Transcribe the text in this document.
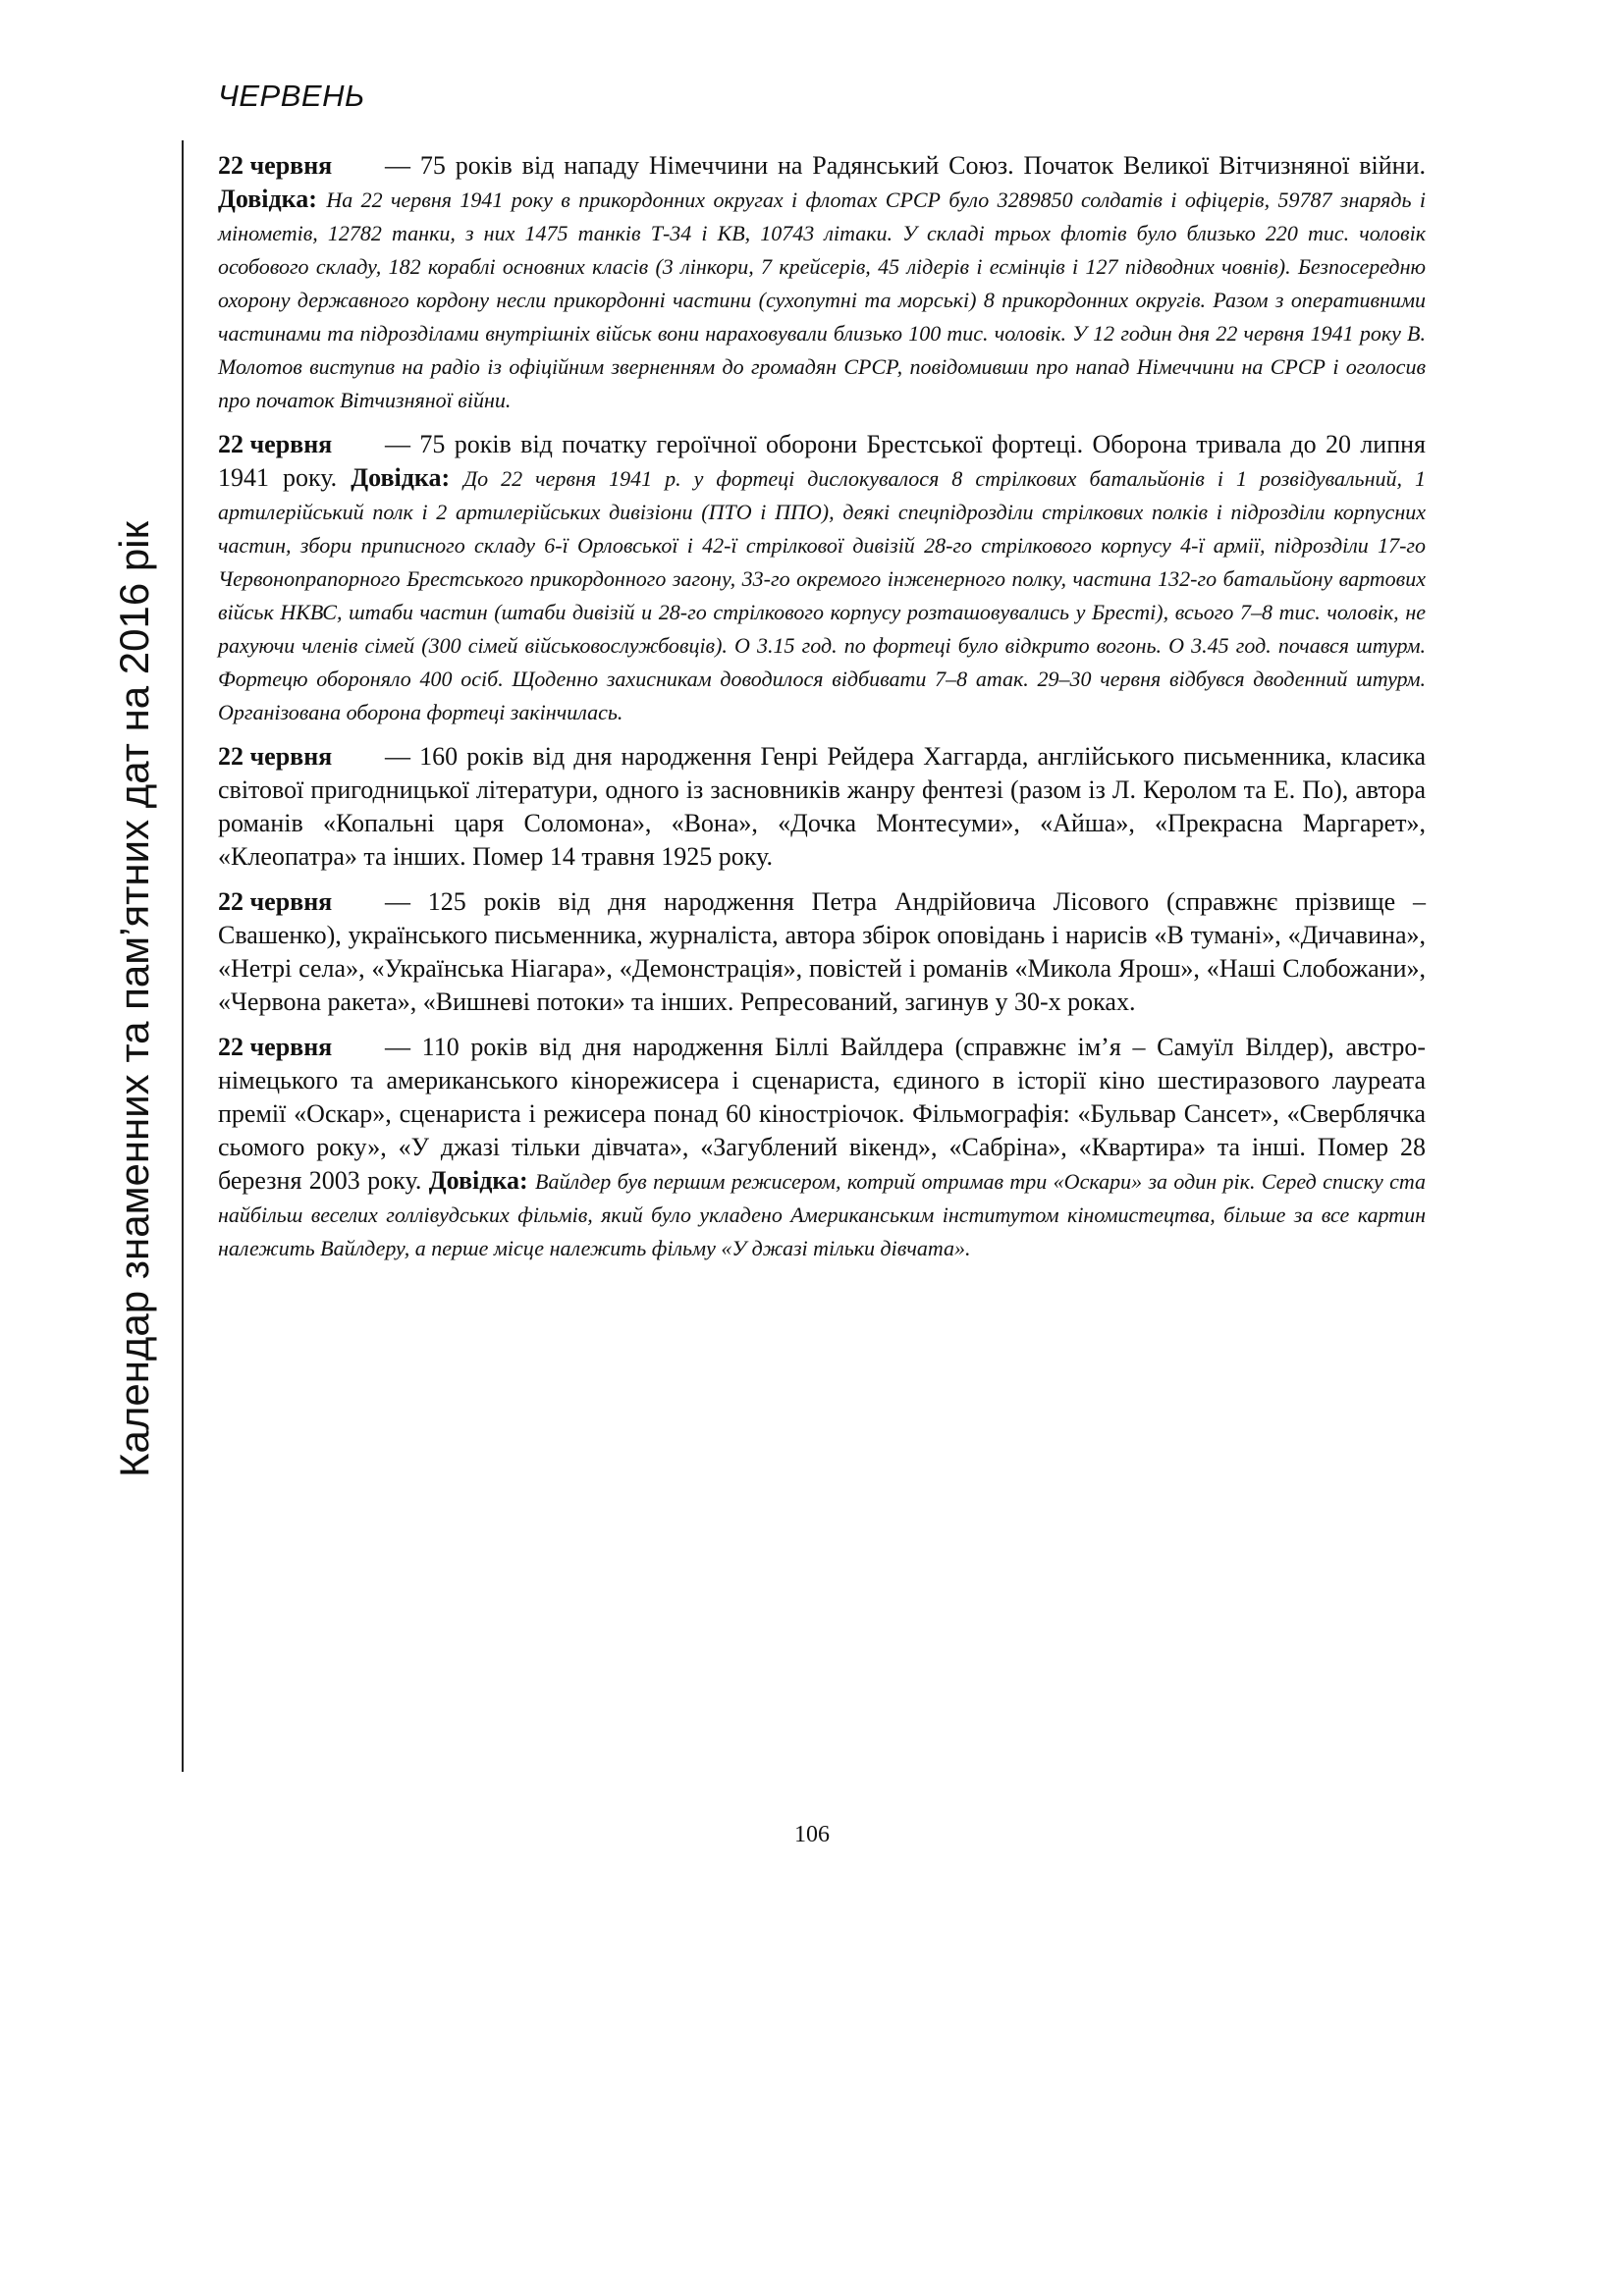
ЧЕРВЕНЬ
Календар знаменних та пам’ятних дат на 2016 рік
22 червня — 75 років від нападу Німеччини на Радянський Союз. Початок Великої Вітчизняної війни. Довідка: На 22 червня 1941 року в прикордонних округах і флотах СРСР було 3289850 солдатів і офіцерів, 59787 знарядь і мінометів, 12782 танки, з них 1475 танків Т-34 і КВ, 10743 літаки. У складі трьох флотів було близько 220 тис. чоловік особового складу, 182 кораблі основних класів (3 лінкори, 7 крейсерів, 45 лідерів і есмінців і 127 підводних човнів). Безпосередню охорону державного кордону несли прикордонні частини (сухопутні та морські) 8 прикордонних округів. Разом з оперативними частинами та підрозділами внутрішніх військ вони нараховували близько 100 тис. чоловік. У 12 годин дня 22 червня 1941 року В. Молотов виступив на радіо із офіційним зверненням до громадян СРСР, повідомивши про напад Німеччини на СРСР і оголосив про початок Вітчизняної війни.
22 червня — 75 років від початку героїчної оборони Брестської фортеці. Оборона тривала до 20 липня 1941 року. Довідка: До 22 червня 1941 р. у фортеці дислокувалося 8 стрілкових батальйонів і 1 розвідувальний, 1 артилерійський полк і 2 артилерійських дивізіони (ПТО і ППО), деякі спецпідрозділи стрілкових полків і підрозділи корпусних частин, збори приписного складу 6-ї Орловської і 42-ї стрілкової дивізій 28-го стрілкового корпусу 4-ї армії, підрозділи 17-го Червонопрапорного Брестського прикордонного загону, 33-го окремого інженерного полку, частина 132-го батальйону вартових військ НКВС, штаби частин (штаби дивізій и 28-го стрілкового корпусу розташовувались у Бресті), всього 7–8 тис. чоловік, не рахуючи членів сімей (300 сімей військовослужбовців). О 3.15 год. по фортеці було відкрито вогонь. О 3.45 год. почався штурм. Фортецю обороняло 400 осіб. Щоденно захисникам доводилося відбивати 7–8 атак. 29–30 червня відбувся дводенний штурм. Організована оборона фортеці закінчилась.
22 червня — 160 років від дня народження Генрі Рейдера Хаггарда, англійського письменника, класика світової пригодницької літератури, одного із засновників жанру фентезі (разом із Л. Керолом та Е. По), автора романів «Копальні царя Соломона», «Вона», «Дочка Монтесуми», «Айша», «Прекрасна Маргарет», «Клеопатра» та інших. Помер 14 травня 1925 року.
22 червня — 125 років від дня народження Петра Андрійовича Лісового (справжнє прізвище – Свашенко), українського письменника, журналіста, автора збірок оповідань і нарисів «В тумані», «Дичавина», «Нетрі села», «Українська Ніагара», «Демонстрація», повістей і романів «Микола Ярош», «Наші Слобожани», «Червона ракета», «Вишневі потоки» та інших. Репресований, загинув у 30-х роках.
22 червня — 110 років від дня народження Біллі Вайлдера (справжнє ім’я – Самуїл Вілдер), австро-німецького та американського кінорежисера і сценариста, єдиного в історії кіно шестиразового лауреата премії «Оскар», сценариста і режисера понад 60 кіностріочок. Фільмографія: «Бульвар Сансет», «Сверблячка сьомого року», «У джазі тільки дівчата», «Загублений вікенд», «Сабріна», «Квартира» та інші. Помер 28 березня 2003 року. Довідка: Вайлдер був першим режисером, котрий отримав три «Оскари» за один рік. Серед списку ста найбільш веселих голлівудських фільмів, який було укладено Американським інститутом кіномистецтва, більше за все картин належить Вайлдеру, а перше місце належить фільму «У джазі тільки дівчата».
106
